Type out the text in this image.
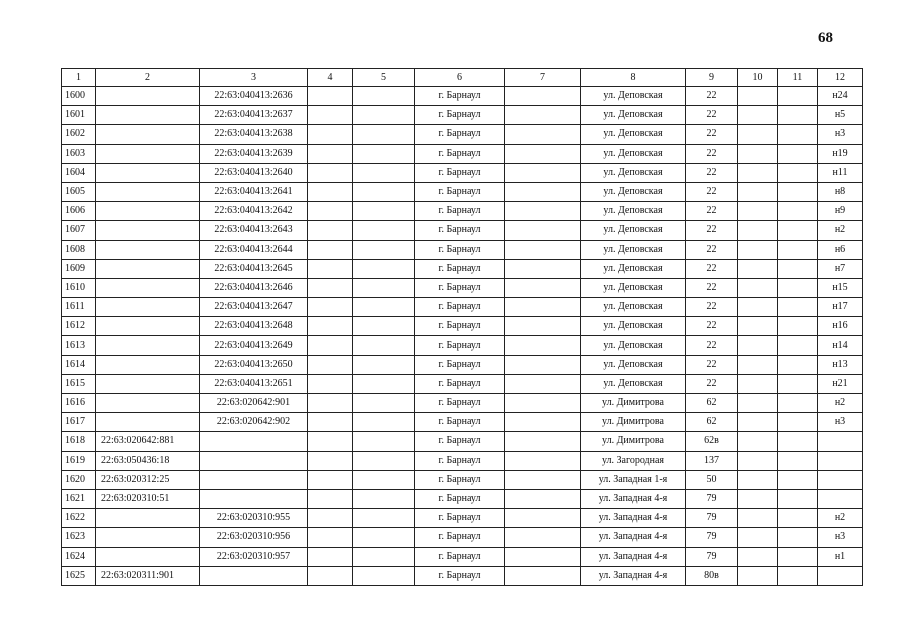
68
1	2	3	4	5	6	7	8	9	10	11	12
1600		22:63:040413:2636			г. Барнаул		ул. Деповская	22			н24
1601		22:63:040413:2637			г. Барнаул		ул. Деповская	22			н5
1602		22:63:040413:2638			г. Барнаул		ул. Деповская	22			н3
1603		22:63:040413:2639			г. Барнаул		ул. Деповская	22			н19
1604		22:63:040413:2640			г. Барнаул		ул. Деповская	22			н11
1605		22:63:040413:2641			г. Барнаул		ул. Деповская	22			н8
1606		22:63:040413:2642			г. Барнаул		ул. Деповская	22			н9
1607		22:63:040413:2643			г. Барнаул		ул. Деповская	22			н2
1608		22:63:040413:2644			г. Барнаул		ул. Деповская	22			н6
1609		22:63:040413:2645			г. Барнаул		ул. Деповская	22			н7
1610		22:63:040413:2646			г. Барнаул		ул. Деповская	22			н15
1611		22:63:040413:2647			г. Барнаул		ул. Деповская	22			н17
1612		22:63:040413:2648			г. Барнаул		ул. Деповская	22			н16
1613		22:63:040413:2649			г. Барнаул		ул. Деповская	22			н14
1614		22:63:040413:2650			г. Барнаул		ул. Деповская	22			н13
1615		22:63:040413:2651			г. Барнаул		ул. Деповская	22			н21
1616		22:63:020642:901			г. Барнаул		ул. Димитрова	62			н2
1617		22:63:020642:902			г. Барнаул		ул. Димитрова	62			н3
1618	22:63:020642:881				г. Барнаул		ул. Димитрова	62в			
1619	22:63:050436:18				г. Барнаул		ул. Загородная	137			
1620	22:63:020312:25				г. Барнаул		ул. Западная 1-я	50			
1621	22:63:020310:51				г. Барнаул		ул. Западная 4-я	79			
1622		22:63:020310:955			г. Барнаул		ул. Западная 4-я	79			н2
1623		22:63:020310:956			г. Барнаул		ул. Западная 4-я	79			н3
1624		22:63:020310:957			г. Барнаул		ул. Западная 4-я	79			н1
1625	22:63:020311:901				г. Барнаул		ул. Западная 4-я	80в			
